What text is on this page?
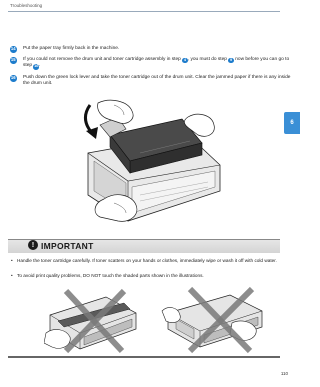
Troubleshooting
6
14 Put the paper tray firmly back in the machine.
15 If you could not remove the drum unit and toner cartridge assembly in step 4 , you must do step 9 now before you can go to step 16.
16 Push down the green lock lever and take the toner cartridge out of the drum unit. Clear the jammed paper if there is any inside the drum unit.
! IMPORTANT
• Handle the toner cartridge carefully. If toner scatters on your hands or clothes, immediately wipe or wash it off with cold water.
• To avoid print quality problems, DO NOT touch the shaded parts shown in the illustrations.
110
